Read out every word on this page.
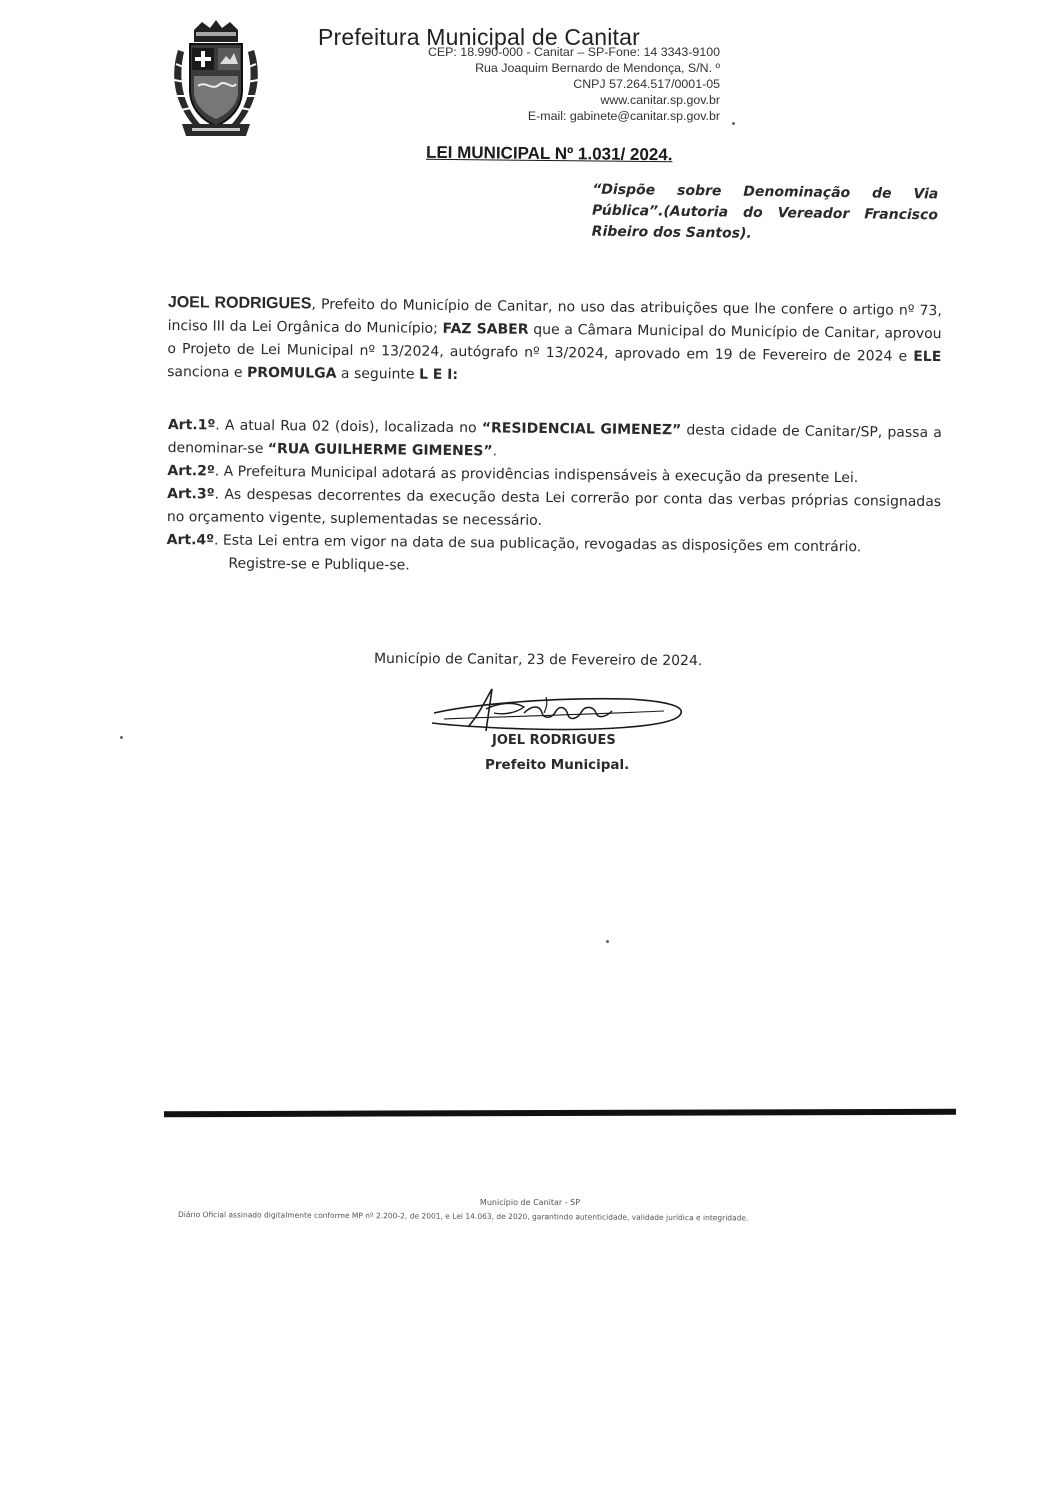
Prefeitura Municipal de Canitar
CEP: 18.990-000 - Canitar – SP-Fone: 14 3343-9100
Rua Joaquim Bernardo de Mendonça, S/N. º
CNPJ 57.264.517/0001-05
www.canitar.sp.gov.br
E-mail: gabinete@canitar.sp.gov.br
LEI MUNICIPAL Nº 1.031/ 2024.
“Dispõe sobre Denominação de Via Pública”.(Autoria do Vereador Francisco Ribeiro dos Santos).
JOEL RODRIGUES, Prefeito do Município de Canitar, no uso das atribuições que lhe confere o artigo nº 73, inciso III da Lei Orgânica do Município; FAZ SABER que a Câmara Municipal do Município de Canitar, aprovou o Projeto de Lei Municipal nº 13/2024, autógrafo nº 13/2024, aprovado em 19 de Fevereiro de 2024 e ELE sanciona e PROMULGA a seguinte L E I:

Art.1º. A atual Rua 02 (dois), localizada no “RESIDENCIAL GIMENEZ” desta cidade de Canitar/SP, passa a denominar-se “RUA GUILHERME GIMENES”.

Art.2º. A Prefeitura Municipal adotará as providências indispensáveis à execução da presente Lei.

Art.3º. As despesas decorrentes da execução desta Lei correrão por conta das verbas próprias consignadas no orçamento vigente, suplementadas se necessário.

Art.4º. Esta Lei entra em vigor na data de sua publicação, revogadas as disposições em contrário.

Registre-se e Publique-se.

Município de Canitar, 23 de Fevereiro de 2024.
JOEL RODRIGUES
Prefeito Municipal.
Município de Canitar - SP
Diário Oficial assinado digitalmente conforme MP nº 2.200-2, de 2001, e Lei 14.063, de 2020, garantindo autenticidade, validade jurídica e integridade.
